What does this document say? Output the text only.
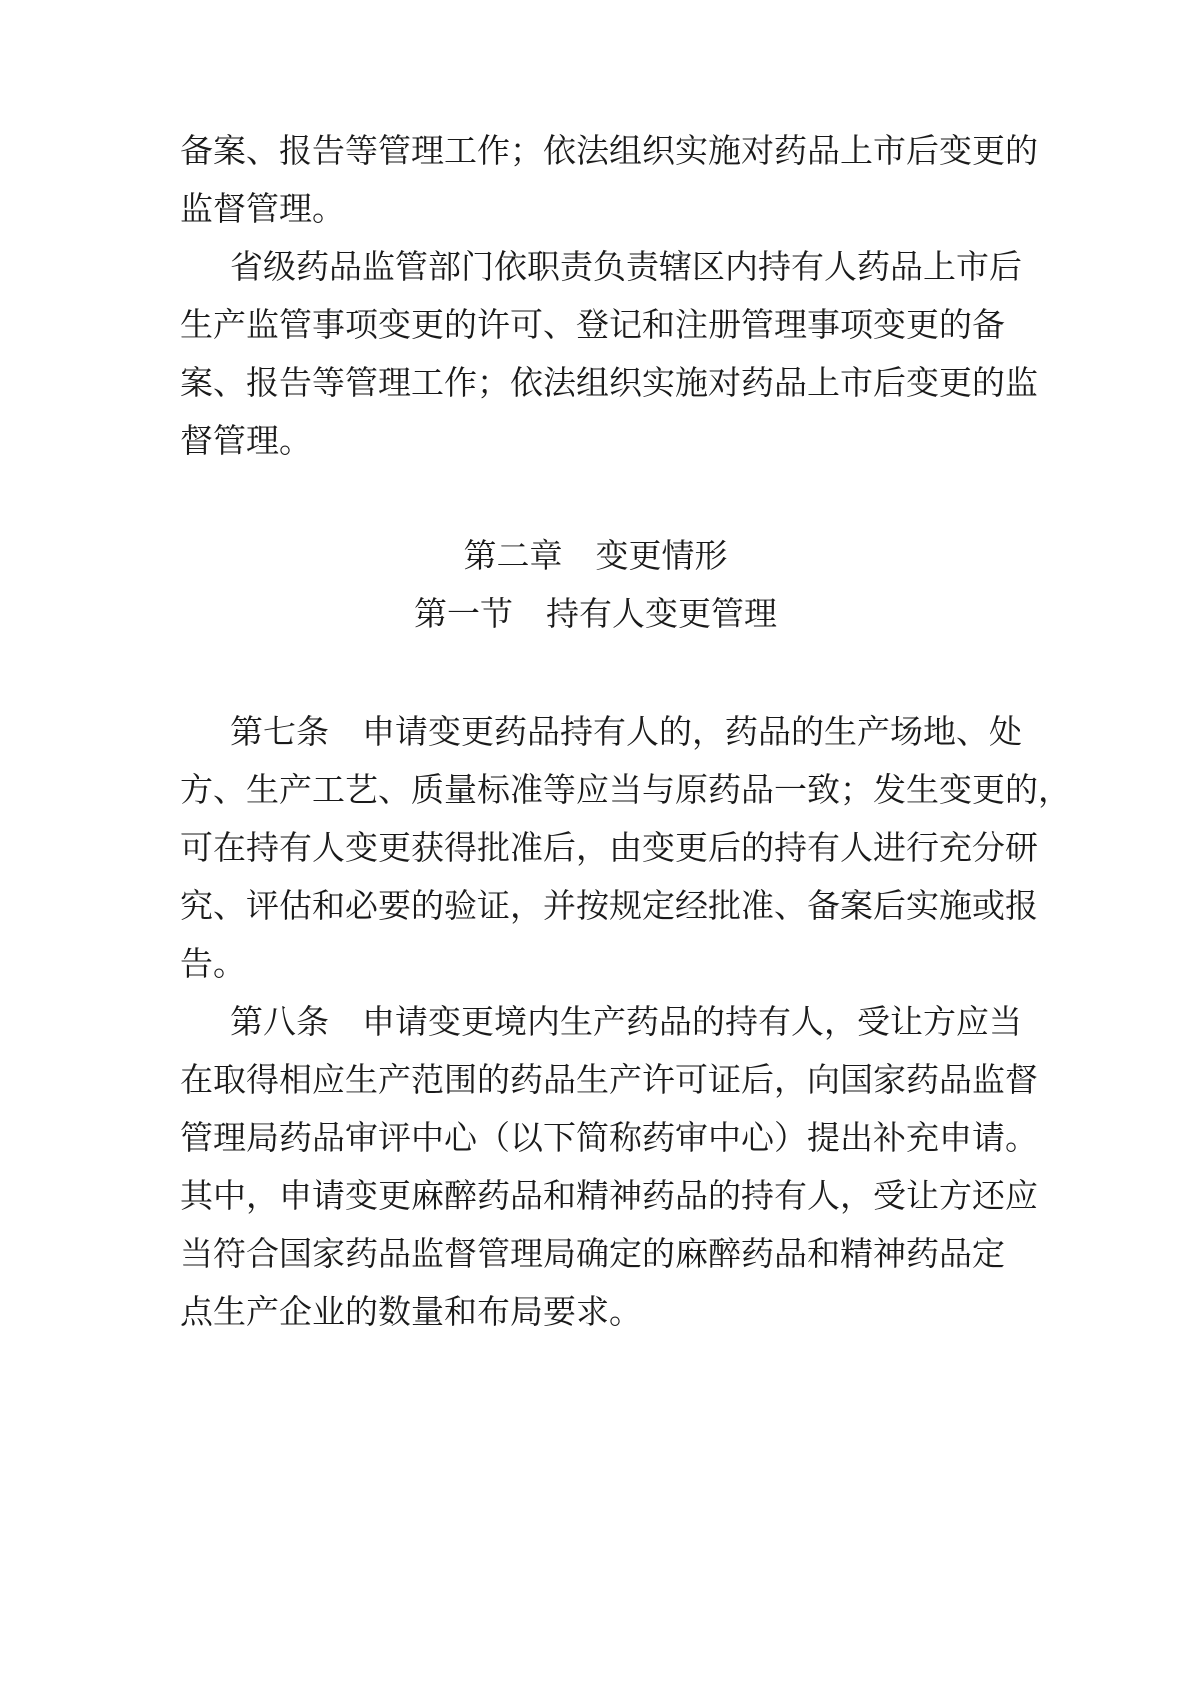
备案、报告等管理工作；依法组织实施对药品上市后变更的
监督管理。
省级药品监管部门依职责负责辖区内持有人药品上市后
生产监管事项变更的许可、登记和注册管理事项变更的备
案、报告等管理工作；依法组织实施对药品上市后变更的监
督管理。
第二章　变更情形
第一节　持有人变更管理
第七条　申请变更药品持有人的，药品的生产场地、处
方、生产工艺、质量标准等应当与原药品一致；发生变更的，
可在持有人变更获得批准后，由变更后的持有人进行充分研
究、评估和必要的验证，并按规定经批准、备案后实施或报
告。
第八条　申请变更境内生产药品的持有人，受让方应当
在取得相应生产范围的药品生产许可证后，向国家药品监督
管理局药品审评中心（以下简称药审中心）提出补充申请。
其中，申请变更麻醉药品和精神药品的持有人，受让方还应
当符合国家药品监督管理局确定的麻醉药品和精神药品定
点生产企业的数量和布局要求。
